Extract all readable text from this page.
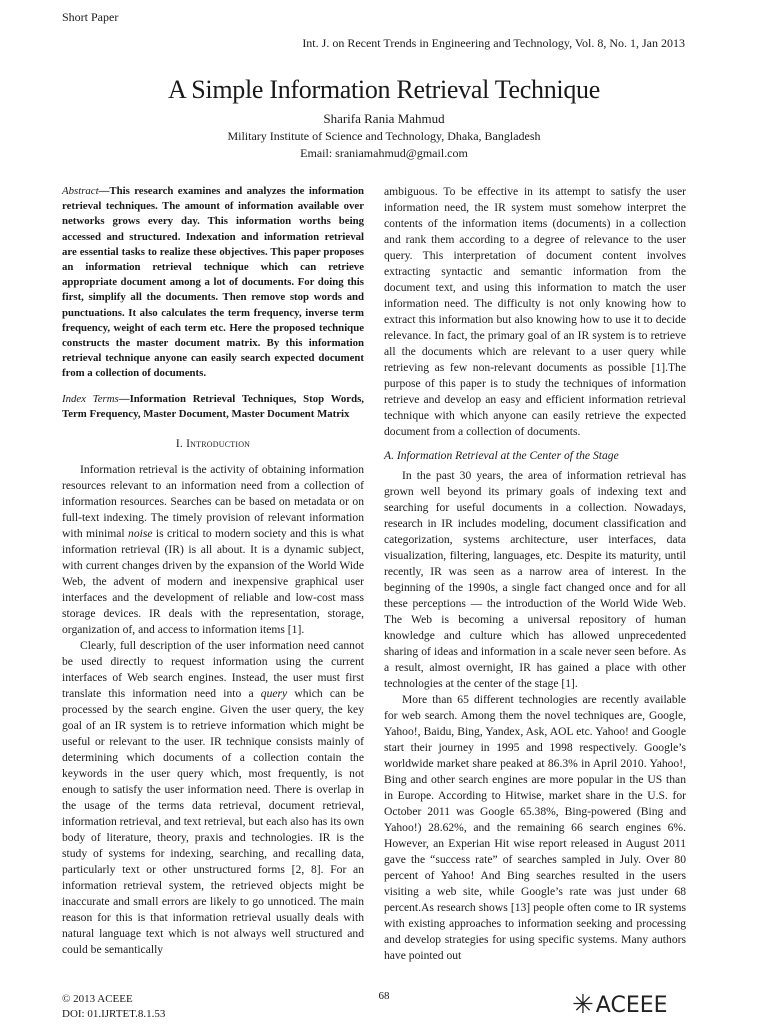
Short Paper
Int. J. on Recent Trends in Engineering and Technology, Vol. 8, No. 1, Jan 2013
A Simple Information Retrieval Technique
Sharifa Rania Mahmud
Military Institute of Science and Technology, Dhaka, Bangladesh
Email: sraniamahmud@gmail.com

Abstract—This research examines and analyzes the information retrieval techniques. The amount of information available over networks grows every day. This information worths being accessed and structured. Indexation and information retrieval are essential tasks to realize these objectives. This paper proposes an information retrieval technique which can retrieve appropriate document among a lot of documents. For doing this first, simplify all the documents. Then remove stop words and punctuations. It also calculates the term frequency, inverse term frequency, weight of each term etc. Here the proposed technique constructs the master document matrix. By this information retrieval technique anyone can easily search expected document from a collection of documents.

Index Terms—Information Retrieval Techniques, Stop Words, Term Frequency, Master Document, Master Document Matrix

I. Introduction

Information retrieval is the activity of obtaining information resources relevant to an information need from a collection of information resources. Searches can be based on metadata or on full-text indexing. The timely provision of relevant information with minimal noise is critical to modern society and this is what information retrieval (IR) is all about. It is a dynamic subject, with current changes driven by the expansion of the World Wide Web, the advent of modern and inexpensive graphical user interfaces and the development of reliable and low-cost mass storage devices. IR deals with the representation, storage, organization of, and access to information items [1].

Clearly, full description of the user information need cannot be used directly to request information using the current interfaces of Web search engines. Instead, the user must first translate this information need into a query which can be processed by the search engine. Given the user query, the key goal of an IR system is to retrieve information which might be useful or relevant to the user. IR technique consists mainly of determining which documents of a collection contain the keywords in the user query which, most frequently, is not enough to satisfy the user information need. There is overlap in the usage of the terms data retrieval, document retrieval, information retrieval, and text retrieval, but each also has its own body of literature, theory, praxis and technologies. IR is the study of systems for indexing, searching, and recalling data, particularly text or other unstructured forms [2, 8]. For an information retrieval system, the retrieved objects might be inaccurate and small errors are likely to go unnoticed. The main reason for this is that information retrieval usually deals with natural language text which is not always well structured and could be semantically

ambiguous. To be effective in its attempt to satisfy the user information need, the IR system must somehow interpret the contents of the information items (documents) in a collection and rank them according to a degree of relevance to the user query. This interpretation of document content involves extracting syntactic and semantic information from the document text, and using this information to match the user information need. The difficulty is not only knowing how to extract this information but also knowing how to use it to decide relevance. In fact, the primary goal of an IR system is to retrieve all the documents which are relevant to a user query while retrieving as few non-relevant documents as possible [1].The purpose of this paper is to study the techniques of information retrieve and develop an easy and efficient information retrieval technique with which anyone can easily retrieve the expected document from a collection of documents.

A. Information Retrieval at the Center of the Stage

In the past 30 years, the area of information retrieval has grown well beyond its primary goals of indexing text and searching for useful documents in a collection. Nowadays, research in IR includes modeling, document classification and categorization, systems architecture, user interfaces, data visualization, filtering, languages, etc. Despite its maturity, until recently, IR was seen as a narrow area of interest. In the beginning of the 1990s, a single fact changed once and for all these perceptions — the introduction of the World Wide Web. The Web is becoming a universal repository of human knowledge and culture which has allowed unprecedented sharing of ideas and information in a scale never seen before. As a result, almost overnight, IR has gained a place with other technologies at the center of the stage [1].

More than 65 different technologies are recently available for web search. Among them the novel techniques are, Google, Yahoo!, Baidu, Bing, Yandex, Ask, AOL etc. Yahoo! and Google start their journey in 1995 and 1998 respectively. Google’s worldwide market share peaked at 86.3% in April 2010. Yahoo!, Bing and other search engines are more popular in the US than in Europe. According to Hitwise, market share in the U.S. for October 2011 was Google 65.38%, Bing-powered (Bing and Yahoo!) 28.62%, and the remaining 66 search engines 6%. However, an Experian Hit wise report released in August 2011 gave the “success rate” of searches sampled in July. Over 80 percent of Yahoo! And Bing searches resulted in the users visiting a web site, while Google’s rate was just under 68 percent.As research shows [13] people often come to IR systems with existing approaches to information seeking and processing and develop strategies for using specific systems. Many authors have pointed out

© 2013 ACEEE
DOI: 01.IJRTET.8.1.53
68	✳ ACEEE
